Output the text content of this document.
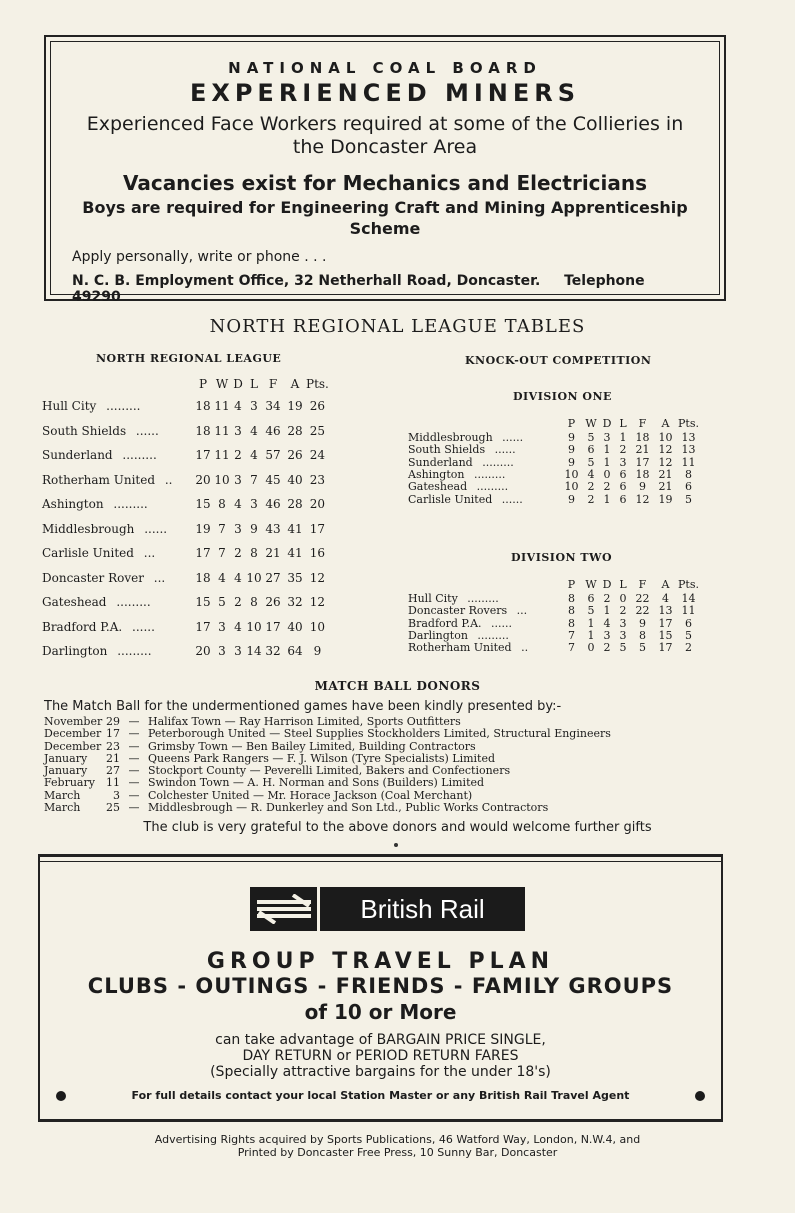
NATIONAL COAL BOARD
EXPERIENCED MINERS
Experienced Face Workers required at some of the Collieries in the Doncaster Area
Vacancies exist for Mechanics and Electricians
Boys are required for Engineering Craft and Mining Apprenticeship Scheme
Apply personally, write or phone . . .
N. C. B. Employment Office, 32 Netherhall Road, Doncaster. Telephone 49290
NORTH REGIONAL LEAGUE TABLES
NORTH REGIONAL LEAGUE	KNOCK-OUT COMPETITION
DIVISION ONE
DIVISION TWO
	P	W	D	L	F	A	Pts.
Hull City .........	18	11	4	3	34	19	26
South Shields ......	18	11	3	4	46	28	25
Sunderland .........	17	11	2	4	57	26	24
Rotherham United ..	20	10	3	7	45	40	23
Ashington .........	15	8	4	3	46	28	20
Middlesbrough ......	19	7	3	9	43	41	17
Carlisle United ...	17	7	2	8	21	41	16
Doncaster Rover ...	18	4	4	10	27	35	12
Gateshead .........	15	5	2	8	26	32	12
Bradford P.A. ......	17	3	4	10	17	40	10
Darlington .........	20	3	3	14	32	64	9
	P	W	D	L	F	A	Pts.
Middlesbrough ......	9	5	3	1	18	10	13
South Shields ......	9	6	1	2	21	12	13
Sunderland .........	9	5	1	3	17	12	11
Ashington .........	10	4	0	6	18	21	8
Gateshead .........	10	2	2	6	9	21	6
Carlisle United ......	9	2	1	6	12	19	5
	P	W	D	L	F	A	Pts.
Hull City .........	8	6	2	0	22	4	14
Doncaster Rovers ...	8	5	1	2	22	13	11
Bradford P.A. ......	8	1	4	3	9	17	6
Darlington .........	7	1	3	3	8	15	5
Rotherham United ..	7	0	2	5	5	17	2
MATCH BALL DONORS
The Match Ball for the undermentioned games have been kindly presented by:-
November 29 — Halifax Town — Ray Harrison Limited, Sports Outfitters
December 17 — Peterborough United — Steel Supplies Stockholders Limited, Structural Engineers
December 23 — Grimsby Town — Ben Bailey Limited, Building Contractors
January	21 — Queens Park Rangers — F. J. Wilson (Tyre Specialists) Limited
January	27 — Stockport County — Peverelli Limited, Bakers and Confectioners
February	11 — Swindon Town — A. H. Norman and Sons (Builders) Limited
March	3 — Colchester United — Mr. Horace Jackson (Coal Merchant)
March	25 — Middlesbrough — R. Dunkerley and Son Ltd., Public Works Contractors
The club is very grateful to the above donors and would welcome further gifts
British Rail
GROUP TRAVEL PLAN
CLUBS - OUTINGS - FRIENDS - FAMILY GROUPS
of 10 or More
can take advantage of BARGAIN PRICE SINGLE,
DAY RETURN or PERIOD RETURN FARES
(Specially attractive bargains for the under 18's)
For full details contact your local Station Master or any British Rail Travel Agent
Advertising Rights acquired by Sports Publications, 46 Watford Way, London, N.W.4, and
Printed by Doncaster Free Press, 10 Sunny Bar, Doncaster
